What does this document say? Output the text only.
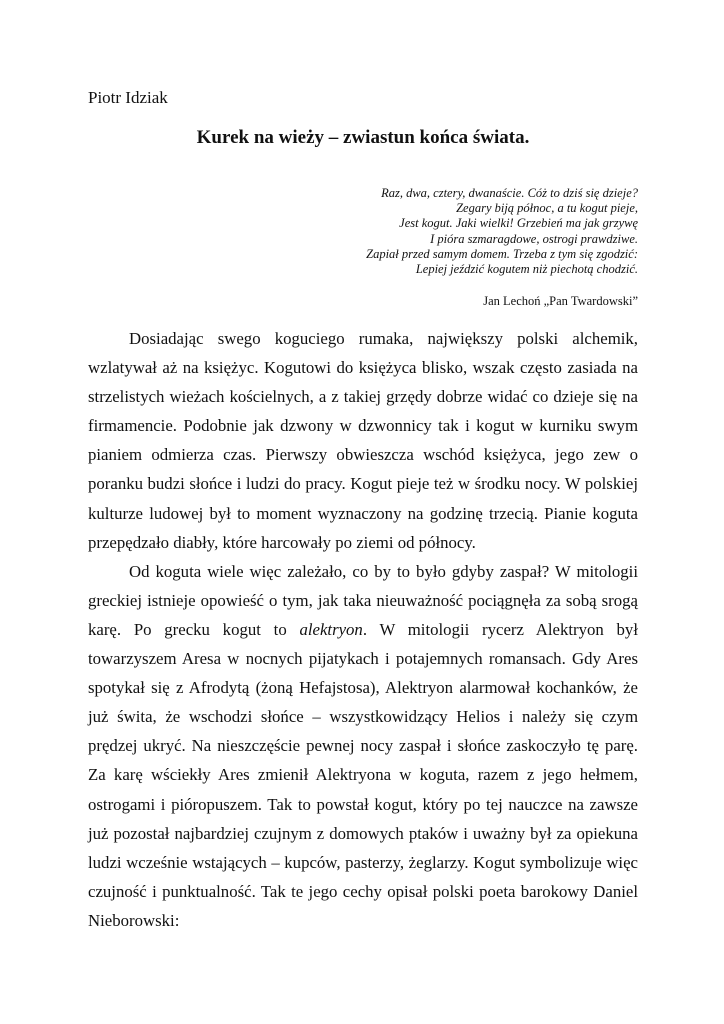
Piotr Idziak

Kurek na wieży – zwiastun końca świata.
Raz, dwa, cztery, dwanaście. Cóż to dziś się dzieje?
Zegary biją północ, a tu kogut pieje,
Jest kogut. Jaki wielki! Grzebień ma jak grzywę
I pióra szmaragdowe, ostrogi prawdziwe.
Zapiał przed samym domem. Trzeba z tym się zgodzić:
Lepiej jeździć kogutem niż piechotą chodzić.
Jan Lechoń „Pan Twardowski”

Dosiadając swego koguciego rumaka, największy polski alchemik, wzlatywał aż na księżyc. Kogutowi do księżyca blisko, wszak często zasiada na strzelistych wieżach kościelnych, a z takiej grzędy dobrze widać co dzieje się na firmamencie. Podobnie jak dzwony w dzwonnicy tak i kogut w kurniku swym pianiem odmierza czas. Pierwszy obwieszcza wschód księżyca, jego zew o poranku budzi słońce i ludzi do pracy. Kogut pieje też w środku nocy. W polskiej kulturze ludowej był to moment wyznaczony na godzinę trzecią. Pianie koguta przepędzało diabły, które harcowały po ziemi od północy.

Od koguta wiele więc zależało, co by to było gdyby zaspał? W mitologii greckiej istnieje opowieść o tym, jak taka nieuważność pociągnęła za sobą srogą karę. Po grecku kogut to alektryon. W mitologii rycerz Alektryon był towarzyszem Aresa w nocnych pijatykach i potajemnych romansach. Gdy Ares spotykał się z Afrodytą (żoną Hefajstosa), Alektryon alarmował kochanków, że już świta, że wschodzi słońce – wszystkowidzący Helios i należy się czym prędzej ukryć. Na nieszczęście pewnej nocy zaspał i słońce zaskoczyło tę parę. Za karę wściekły Ares zmienił Alektryona w koguta, razem z jego hełmem, ostrogami i pióropuszem. Tak to powstał kogut, który po tej nauczce na zawsze już pozostał najbardziej czujnym z domowych ptaków i uważny był za opiekuna ludzi wcześnie wstających – kupców, pasterzy, żeglarzy. Kogut symbolizuje więc czujność i punktualność. Tak te jego cechy opisał polski poeta barokowy Daniel Nieborowski:
